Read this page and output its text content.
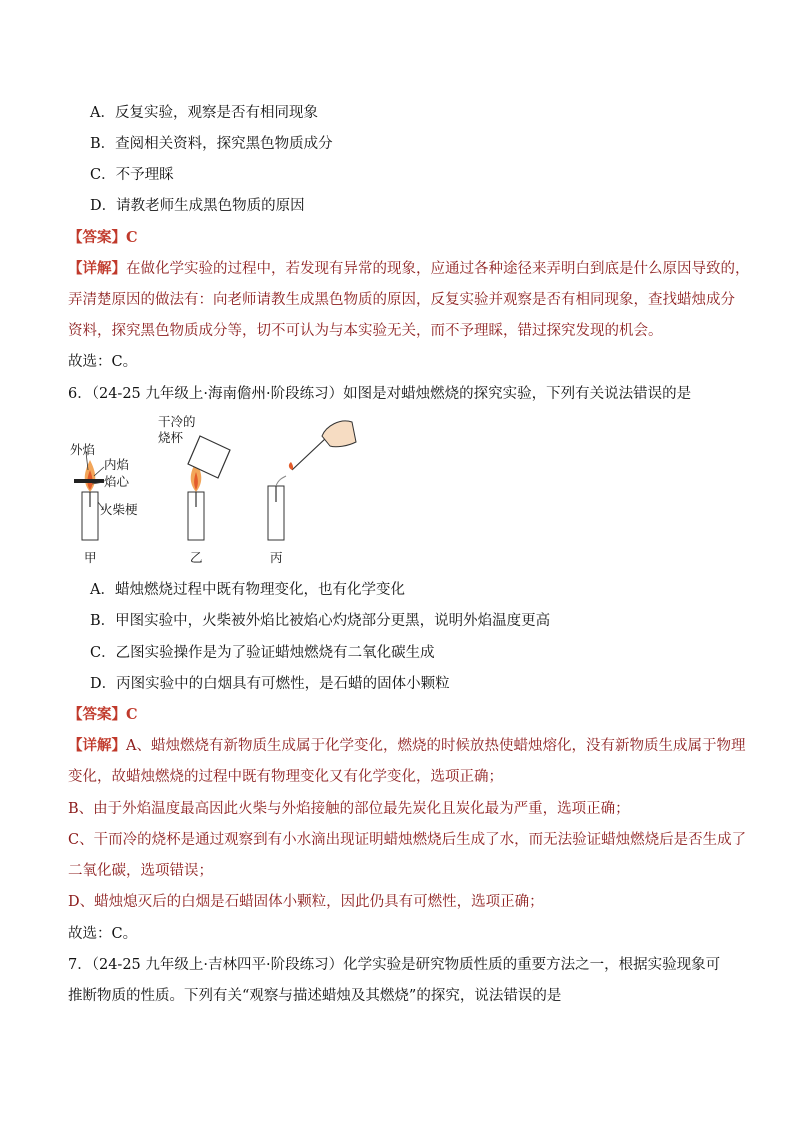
A．反复实验，观察是否有相同现象
B．查阅相关资料，探究黑色物质成分
C．不予理睬
D．请教老师生成黑色物质的原因
【答案】C
【详解】在做化学实验的过程中，若发现有异常的现象，应通过各种途径来弄明白到底是什么原因导致的，
弄清楚原因的做法有：向老师请教生成黑色物质的原因，反复实验并观察是否有相同现象，查找蜡烛成分
资料，探究黑色物质成分等，切不可认为与本实验无关，而不予理睬，错过探究发现的机会。
故选：C。
6．（24-25 九年级上·海南儋州·阶段练习）如图是对蜡烛燃烧的探究实验，下列有关说法错误的是
外焰
内焰
焰心
火柴梗
甲
干冷的
烧杯
乙	丙
A．蜡烛燃烧过程中既有物理变化，也有化学变化
B．甲图实验中，火柴被外焰比被焰心灼烧部分更黑，说明外焰温度更高
C．乙图实验操作是为了验证蜡烛燃烧有二氧化碳生成
D．丙图实验中的白烟具有可燃性，是石蜡的固体小颗粒
【答案】C
【详解】A、蜡烛燃烧有新物质生成属于化学变化，燃烧的时候放热使蜡烛熔化，没有新物质生成属于物理
变化，故蜡烛燃烧的过程中既有物理变化又有化学变化，选项正确；
B、由于外焰温度最高因此火柴与外焰接触的部位最先炭化且炭化最为严重，选项正确；
C、干而冷的烧杯是通过观察到有小水滴出现证明蜡烛燃烧后生成了水，而无法验证蜡烛燃烧后是否生成了
二氧化碳，选项错误；
D、蜡烛熄灭后的白烟是石蜡固体小颗粒，因此仍具有可燃性，选项正确；
故选：C。
7．（24-25 九年级上·吉林四平·阶段练习）化学实验是研究物质性质的重要方法之一，根据实验现象可
推断物质的性质。下列有关“观察与描述蜡烛及其燃烧”的探究，说法错误的是
